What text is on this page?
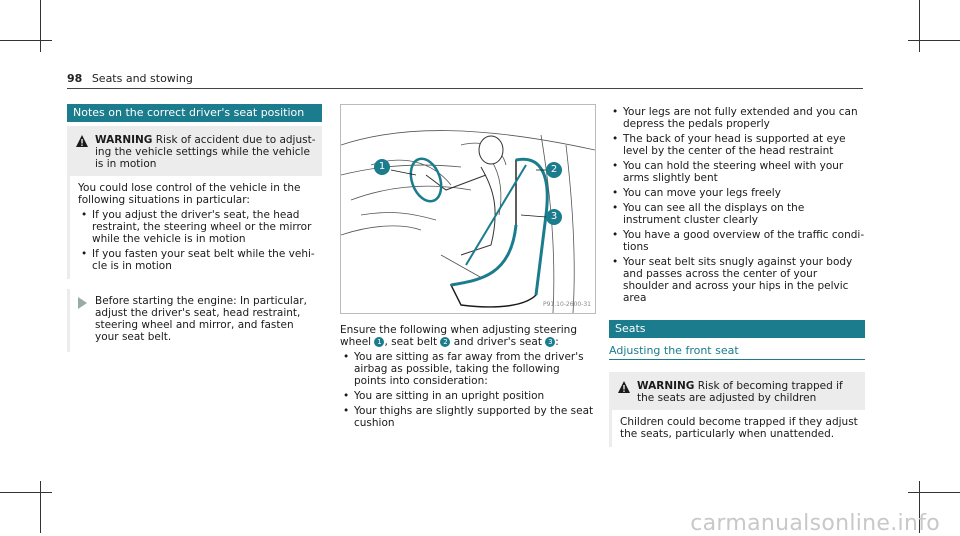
98 Seats and stowing
Notes on the correct driver's seat position
WARNING Risk of accident due to adjusting the vehicle settings while the vehicle is in motion

You could lose control of the vehicle in the following situations in particular:

• If you adjust the driver's seat, the head restraint, the steering wheel or the mirror while the vehicle is in motion
• If you fasten your seat belt while the vehicle is in motion
Before starting the engine: In particular, adjust the driver's seat, head restraint, steering wheel and mirror, and fasten your seat belt.
1	2
3
P91.10-2600-31

Ensure the following when adjusting steering wheel 1 , seat belt 2 and driver's seat 3 :

• You are sitting as far away from the driver's airbag as possible, taking the following points into consideration:
• You are sitting in an upright position
• Your thighs are slightly supported by the seat cushion
• Your legs are not fully extended and you can depress the pedals properly
• The back of your head is supported at eye level by the center of the head restraint
• You can hold the steering wheel with your arms slightly bent
• You can move your legs freely
• You can see all the displays on the instrument cluster clearly
• You have a good overview of the traffic conditions
• Your seat belt sits snugly against your body and passes across the center of your shoulder and across your hips in the pelvic area
Seats
Adjusting the front seat
WARNING Risk of becoming trapped if the seats are adjusted by children

Children could become trapped if they adjust the seats, particularly when unattended.

carmanualsonline.info
